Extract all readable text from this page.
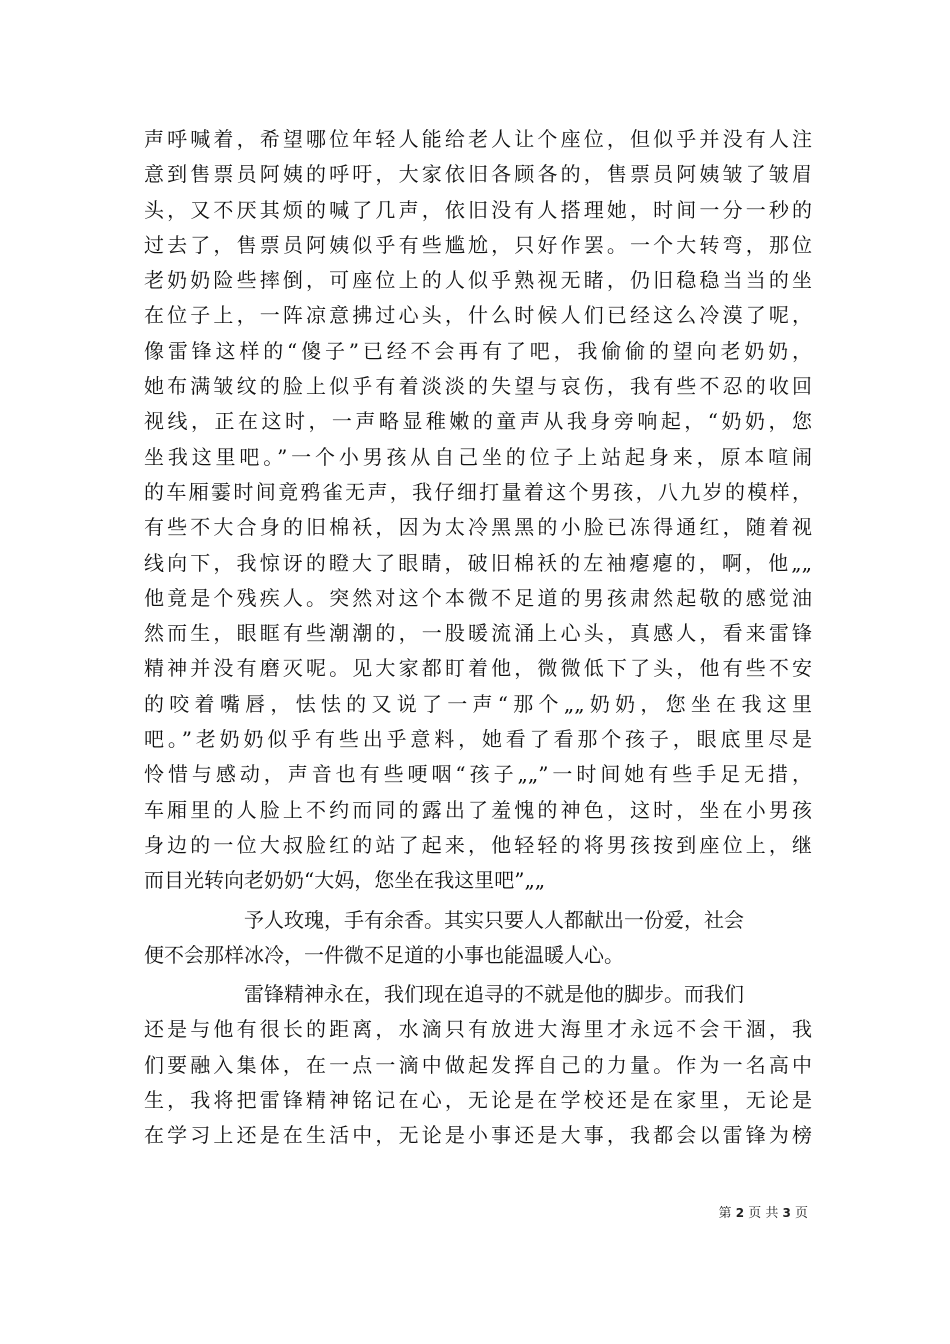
声呼喊着，希望哪位年轻人能给老人让个座位，但似乎并没有人注
意到售票员阿姨的呼吁，大家依旧各顾各的，售票员阿姨皱了皱眉
头，又不厌其烦的喊了几声，依旧没有人搭理她，时间一分一秒的
过去了，售票员阿姨似乎有些尴尬，只好作罢。一个大转弯，那位
老奶奶险些摔倒，可座位上的人似乎熟视无睹，仍旧稳稳当当的坐
在位子上，一阵凉意拂过心头，什么时候人们已经这么冷漠了呢，
像雷锋这样的“傻子”已经不会再有了吧，我偷偷的望向老奶奶，
她布满皱纹的脸上似乎有着淡淡的失望与哀伤，我有些不忍的收回
视线，正在这时，一声略显稚嫩的童声从我身旁响起，“奶奶，您
坐我这里吧。”一个小男孩从自己坐的位子上站起身来，原本喧闹
的车厢霎时间竟鸦雀无声，我仔细打量着这个男孩，八九岁的模样，
有些不大合身的旧棉袄，因为太冷黑黑的小脸已冻得通红，随着视
线向下，我惊讶的瞪大了眼睛，破旧棉袄的左袖瘪瘪的，啊，他„„
他竟是个残疾人。突然对这个本微不足道的男孩肃然起敬的感觉油
然而生，眼眶有些潮潮的，一股暖流涌上心头，真感人，看来雷锋
精神并没有磨灭呢。见大家都盯着他，微微低下了头，他有些不安
的咬着嘴唇，怯怯的又说了一声“那个„„奶奶，您坐在我这里
吧。”老奶奶似乎有些出乎意料，她看了看那个孩子，眼底里尽是
怜惜与感动，声音也有些哽咽“孩子„„”一时间她有些手足无措，
车厢里的人脸上不约而同的露出了羞愧的神色，这时，坐在小男孩
身边的一位大叔脸红的站了起来，他轻轻的将男孩按到座位上，继
而目光转向老奶奶“大妈，您坐在我这里吧”„„
予人玫瑰，手有余香。其实只要人人都献出一份爱，社会
便不会那样冰冷，一件微不足道的小事也能温暖人心。
雷锋精神永在，我们现在追寻的不就是他的脚步。而我们
还是与他有很长的距离，水滴只有放进大海里才永远不会干涸，我
们要融入集体，在一点一滴中做起发挥自己的力量。作为一名高中
生，我将把雷锋精神铭记在心，无论是在学校还是在家里，无论是
在学习上还是在生活中，无论是小事还是大事，我都会以雷锋为榜
第 2 页 共 3 页
